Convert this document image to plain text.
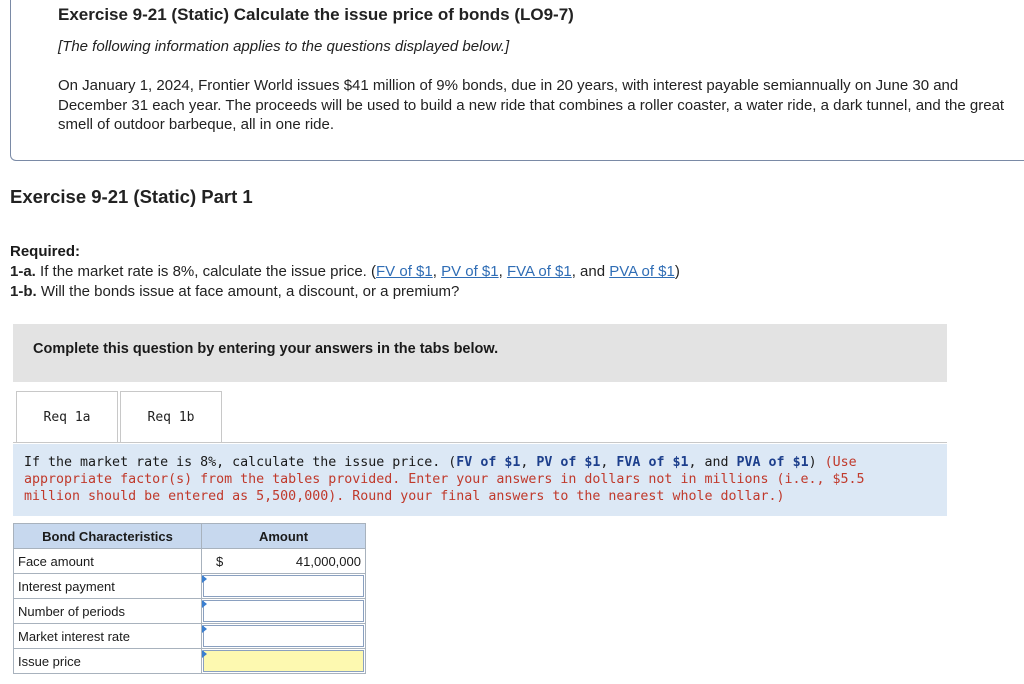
Exercise 9-21 (Static) Calculate the issue price of bonds (LO9-7)
[The following information applies to the questions displayed below.]
On January 1, 2024, Frontier World issues $41 million of 9% bonds, due in 20 years, with interest payable semiannually on June 30 and December 31 each year. The proceeds will be used to build a new ride that combines a roller coaster, a water ride, a dark tunnel, and the great smell of outdoor barbeque, all in one ride.
Exercise 9-21 (Static) Part 1
Required:
1-a. If the market rate is 8%, calculate the issue price. (FV of $1, PV of $1, FVA of $1, and PVA of $1)
1-b. Will the bonds issue at face amount, a discount, or a premium?
Complete this question by entering your answers in the tabs below.
Req 1a	Req 1b
If the market rate is 8%, calculate the issue price. (FV of $1, PV of $1, FVA of $1, and PVA of $1) (Use appropriate factor(s) from the tables provided. Enter your answers in dollars not in millions (i.e., $5.5 million should be entered as 5,500,000). Round your final answers to the nearest whole dollar.)
Bond Characteristics	Amount
Face amount	$ 41,000,000

Interest payment	

Number of periods	

Market interest rate	

Issue price	
